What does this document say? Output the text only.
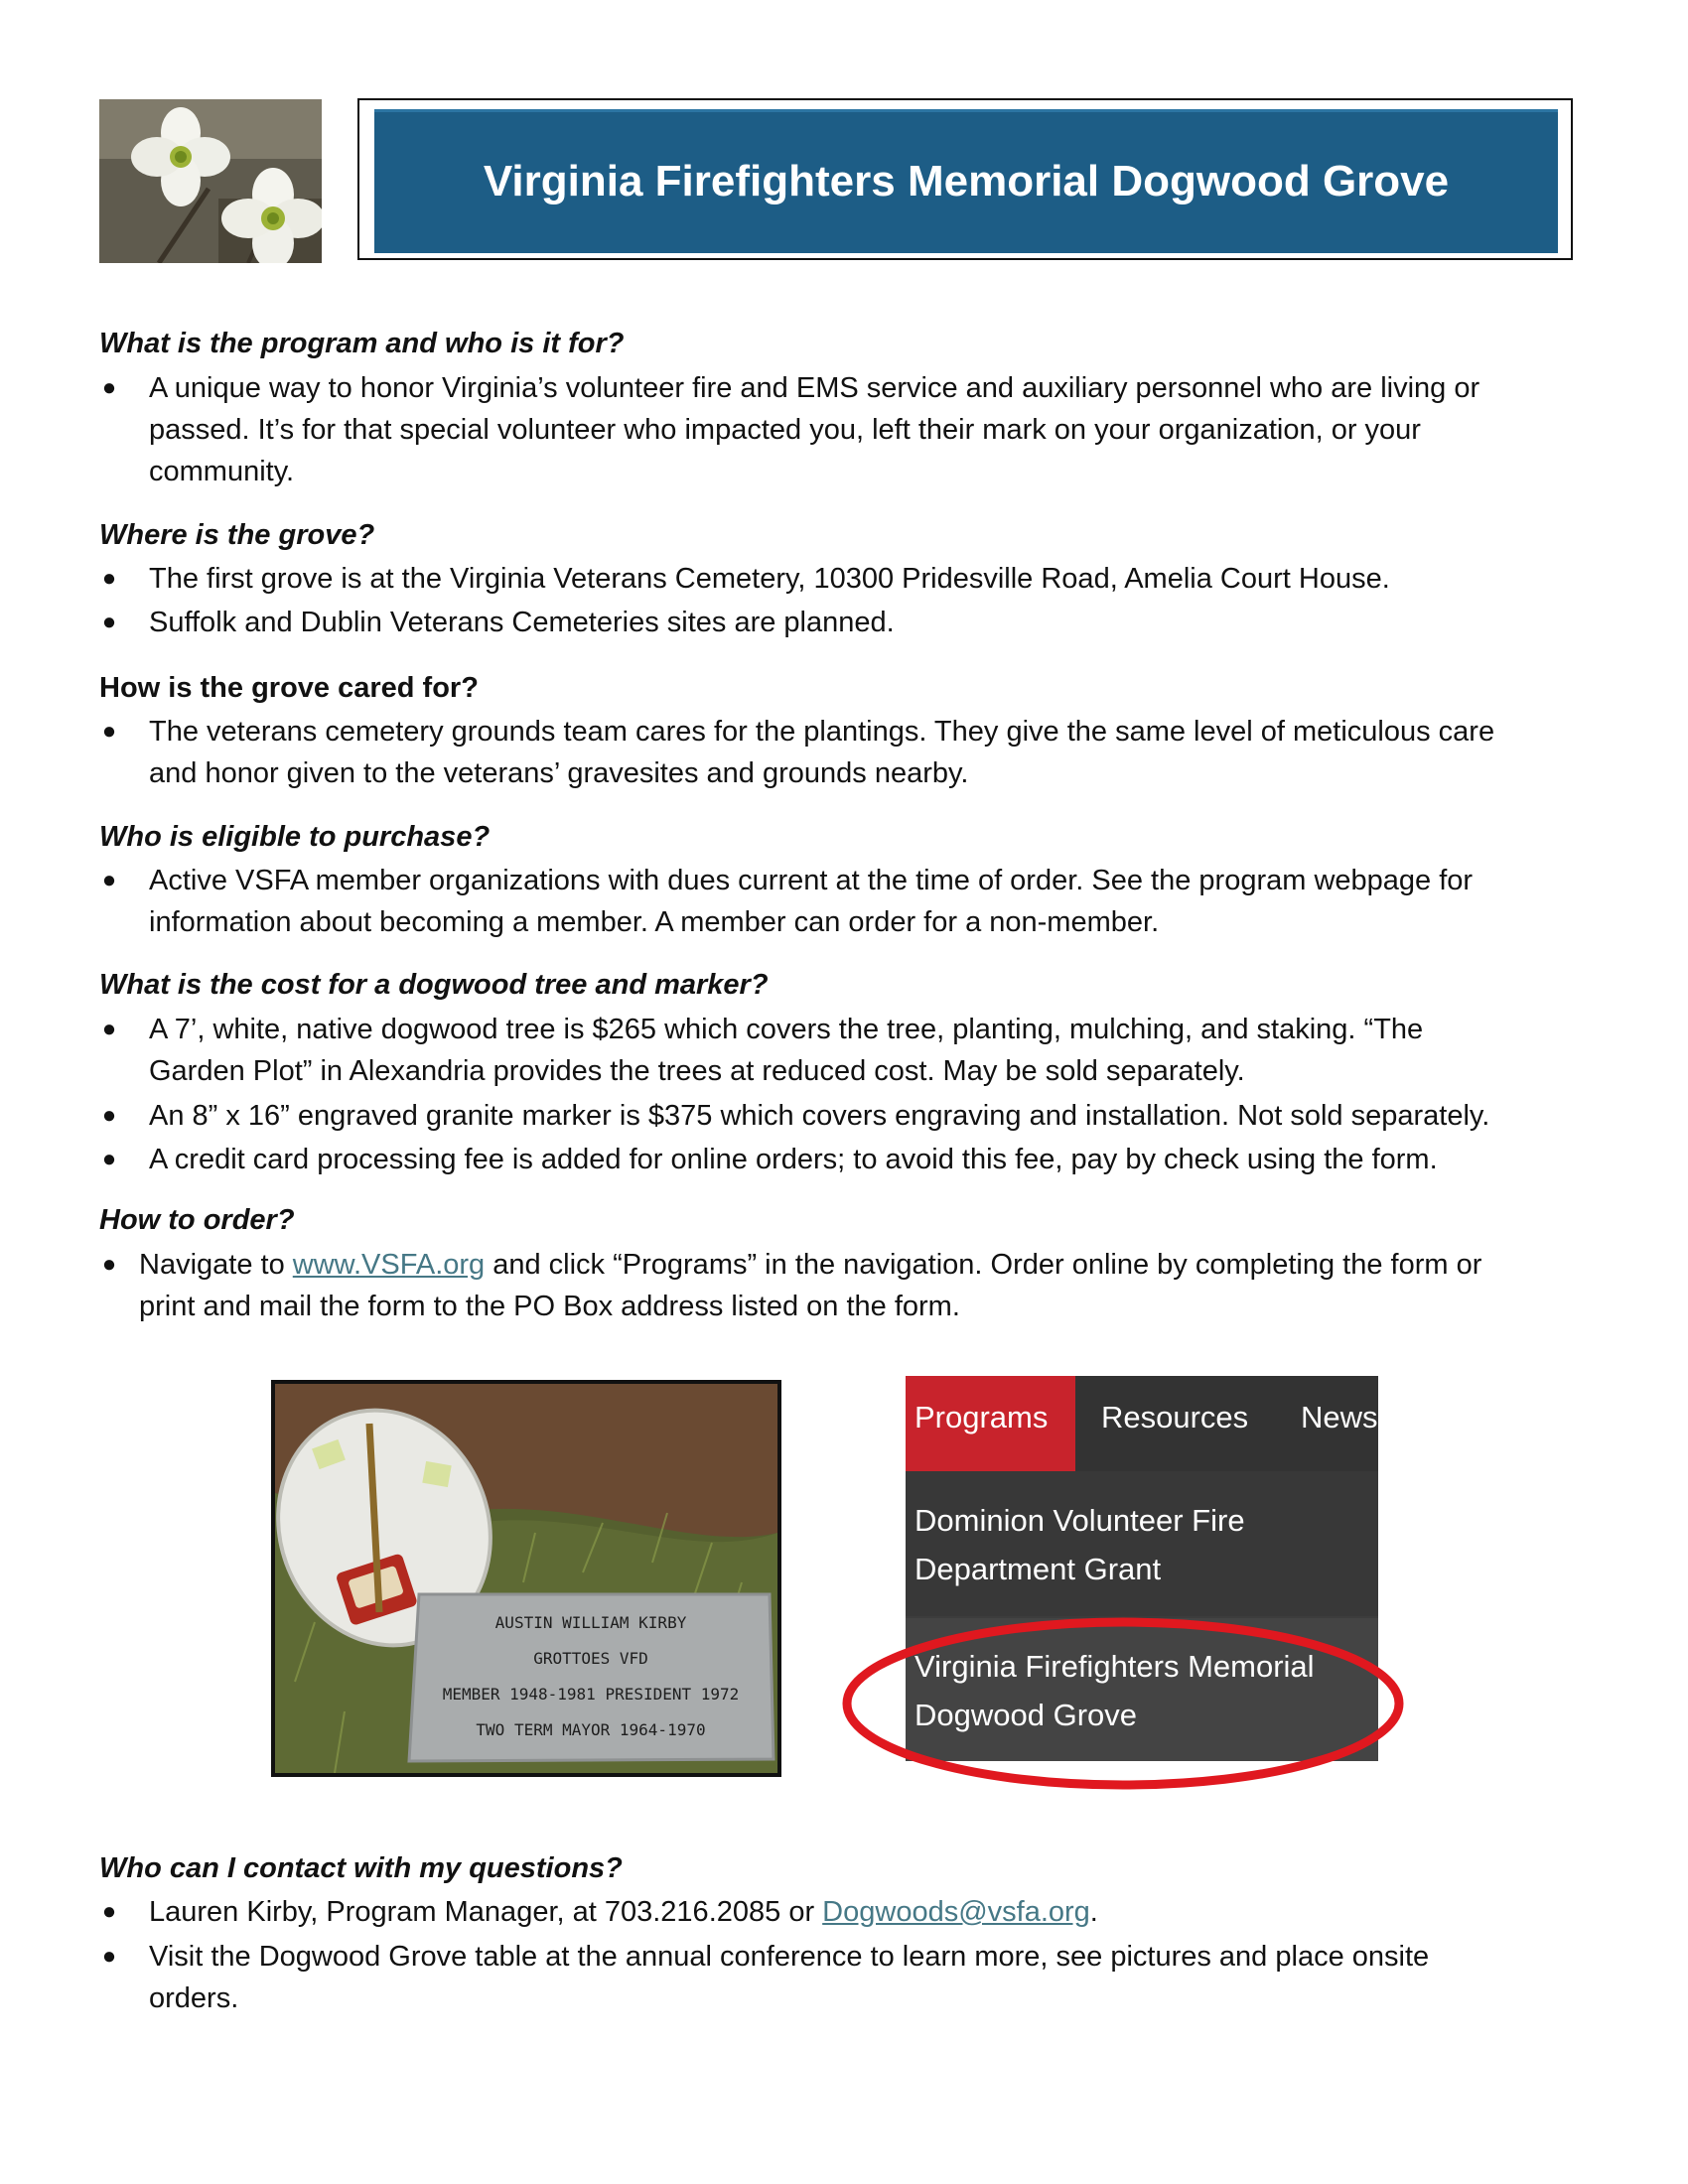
Virginia Firefighters Memorial Dogwood Grove
What is the program and who is it for?
● A unique way to honor Virginia’s volunteer fire and EMS service and auxiliary personnel who are living or
passed. It’s for that special volunteer who impacted you, left their mark on your organization, or your
community.
Where is the grove?
● The first grove is at the Virginia Veterans Cemetery, 10300 Pridesville Road, Amelia Court House.
● Suffolk and Dublin Veterans Cemeteries sites are planned.
How is the grove cared for?
● The veterans cemetery grounds team cares for the plantings. They give the same level of meticulous care
and honor given to the veterans’ gravesites and grounds nearby.
Who is eligible to purchase?
● Active VSFA member organizations with dues current at the time of order. See the program webpage for
information about becoming a member. A member can order for a non-member.
What is the cost for a dogwood tree and marker?
● A 7’, white, native dogwood tree is $265 which covers the tree, planting, mulching, and staking. “The
Garden Plot” in Alexandria provides the trees at reduced cost. May be sold separately.
● An 8” x 16” engraved granite marker is $375 which covers engraving and installation. Not sold separately.
● A credit card processing fee is added for online orders; to avoid this fee, pay by check using the form.
How to order?
● Navigate to www.VSFA.org and click “Programs” in the navigation. Order online by completing the form or
print and mail the form to the PO Box address listed on the form.
AUSTIN WILLIAM KIRBY
GROTTOES VFD
MEMBER 1948-1981 PRESIDENT 1972
TWO TERM MAYOR 1964-1970
Programs Resources News
Dominion Volunteer Fire
Department Grant
Virginia Firefighters Memorial
Dogwood Grove
Who can I contact with my questions?
● Lauren Kirby, Program Manager, at 703.216.2085 or Dogwoods@vsfa.org.
● Visit the Dogwood Grove table at the annual conference to learn more, see pictures and place onsite
orders.
